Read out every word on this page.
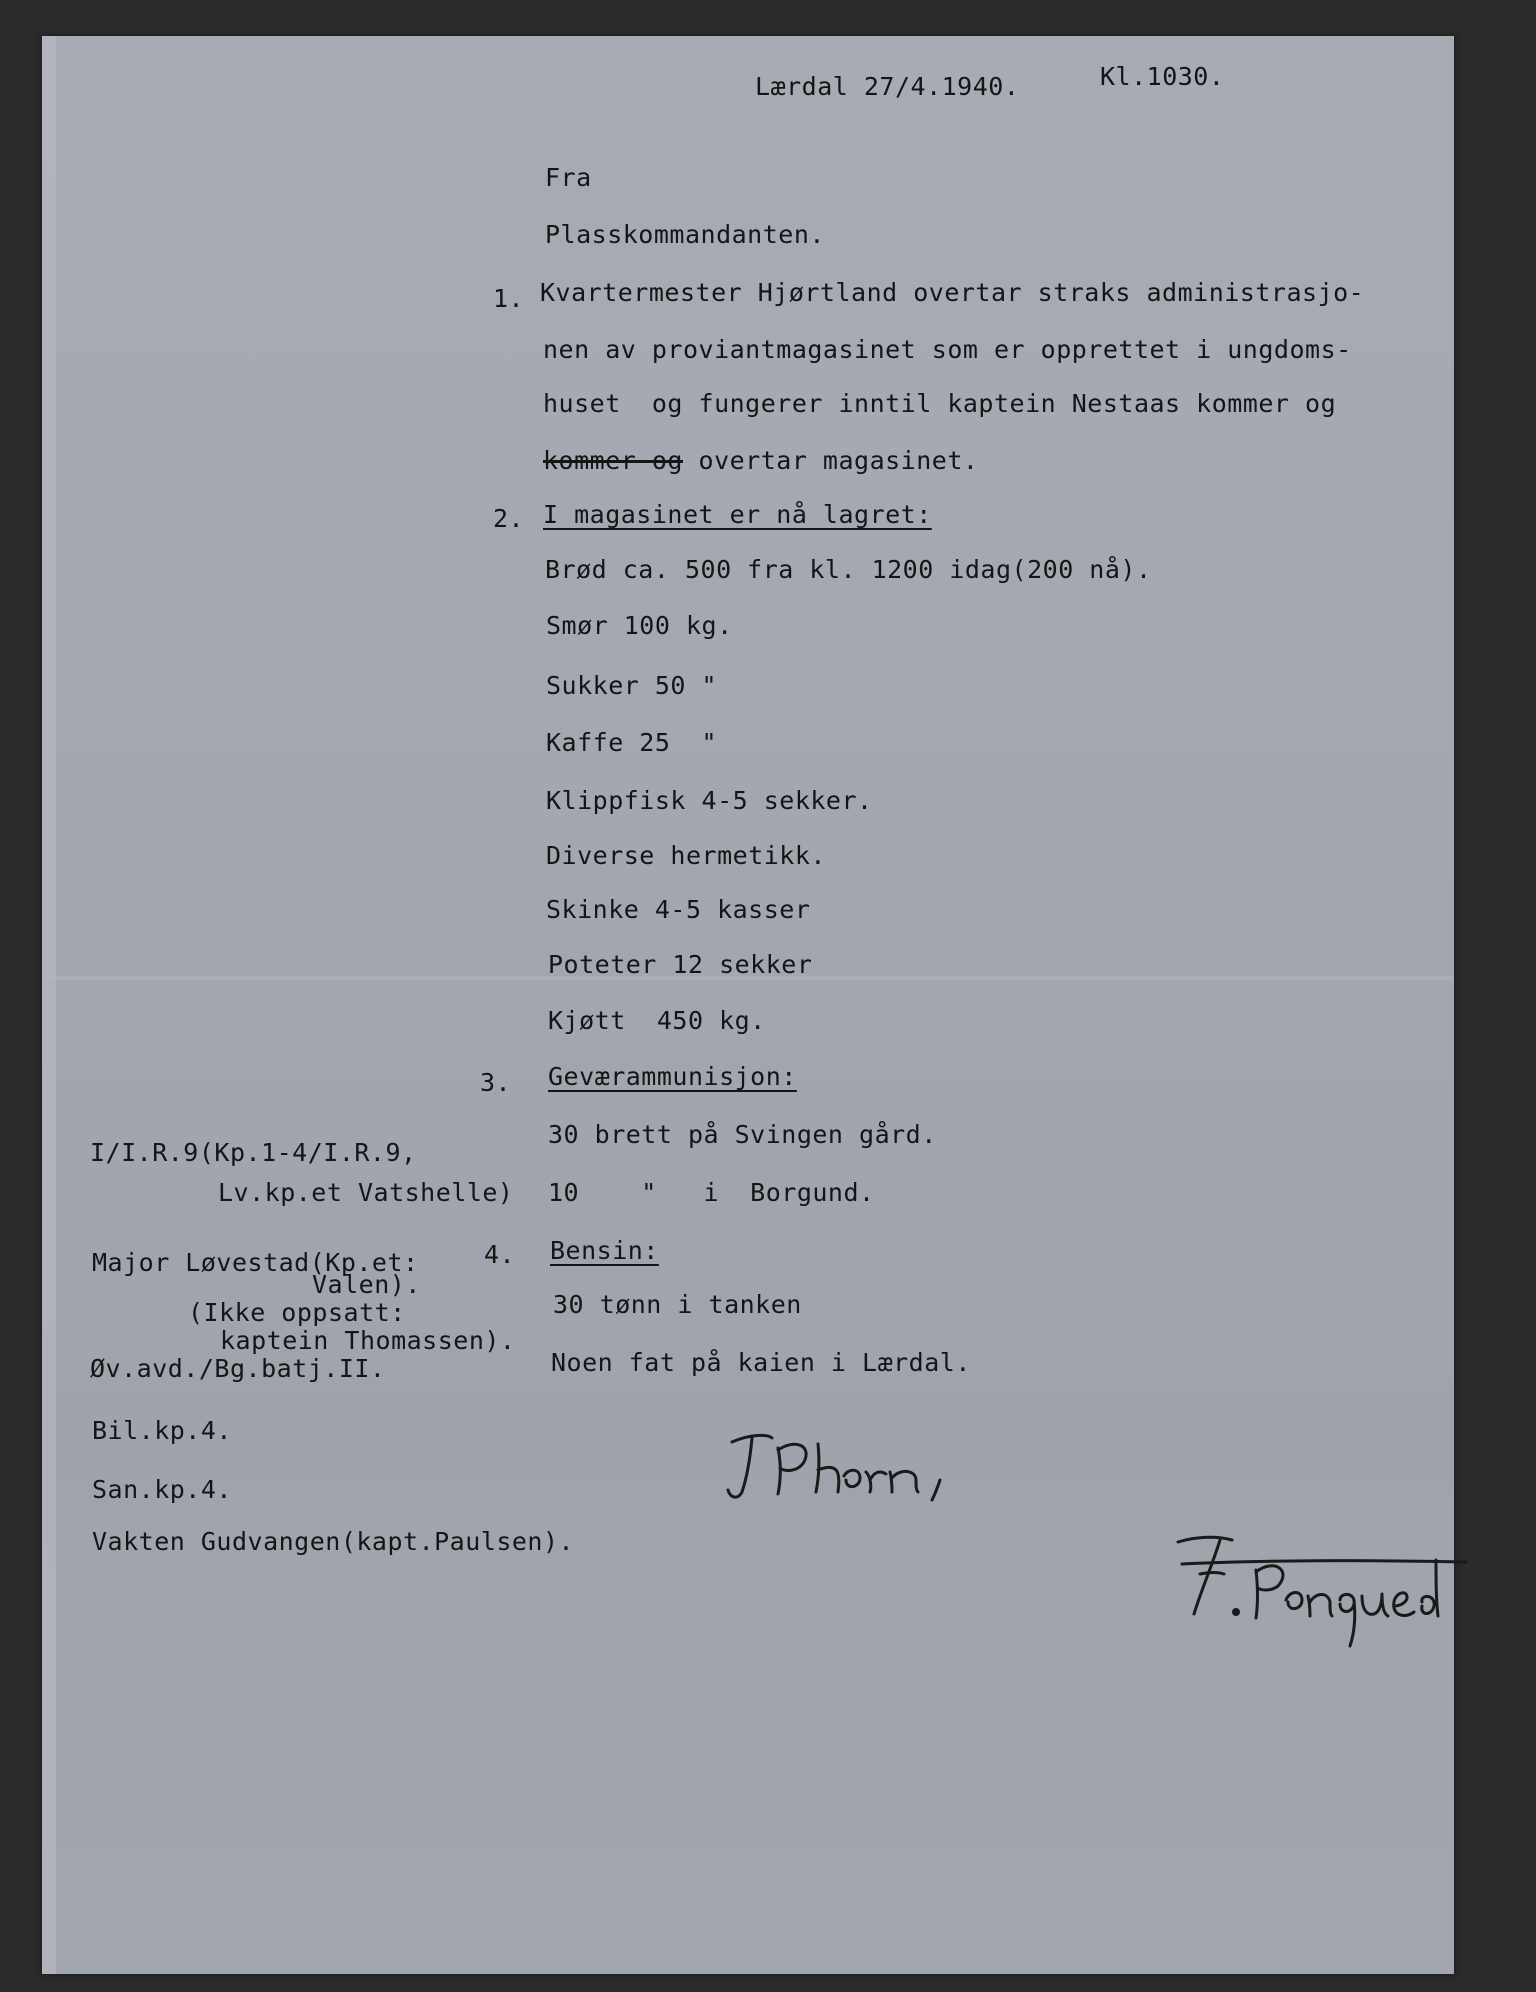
Lærdal 27/4.1940.	Kl.1030.
Fra
Plasskommandanten.
1. Kvartermester Hjørtland overtar straks administrasjo-
nen av proviantmagasinet som er opprettet i ungdoms-
huset  og fungerer inntil kaptein Nestaas kommer og
kommer og overtar magasinet.
2. I magasinet er nå lagret:
Brød ca. 500 fra kl. 1200 idag(200 nå).
Smør 100 kg.
Sukker 50 "
Kaffe 25  "
Klippfisk 4-5 sekker.
Diverse hermetikk.
Skinke 4-5 kasser
Poteter 12 sekker
Kjøtt  450 kg.
3. Geværammunisjon:
30 brett på Svingen gård.
10    "   i  Borgund.
4. Bensin:
30 tønn i tanken
Noen fat på kaien i Lærdal.
I/I.R.9(Kp.1-4/I.R.9,
Lv.kp.et Vatshelle)
Major Løvestad(Kp.et:
Valen).
(Ikke oppsatt:
kaptein Thomassen).
Øv.avd./Bg.batj.II.
Bil.kp.4.
San.kp.4.
Vakten Gudvangen(kapt.Paulsen).
